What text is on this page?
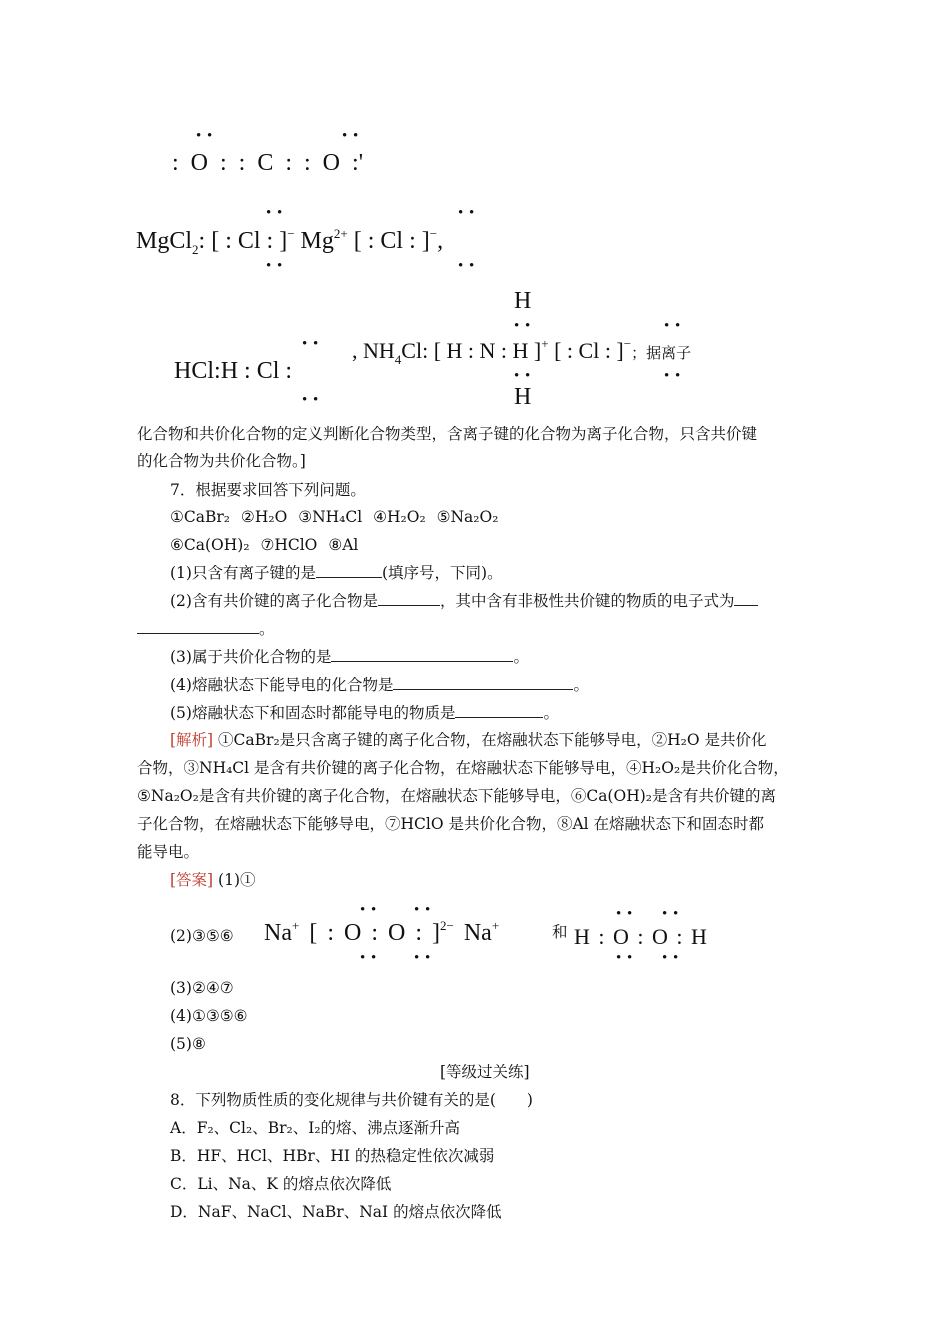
• •	• •
: O : : C : : O :'
• •	• •
MgCl$_2$: [ : Cl : ]− $Mg^{2+}$ [ : Cl : ]−,
• •	• •
H
• •
• •
• •
HCl:H : Cl :
, $NH_4Cl$: [ H : N : H ]+ [ : Cl : ]−；据离子
• •
• •	• •
H
化合物和共价化合物的定义判断化合物类型，含离子键的化合物为离子化合物，只含共价键
的化合物为共价化合物。]
7．根据要求回答下列问题。
①CaBr₂ ②H₂O ③NH₄Cl ④H₂O₂ ⑤Na₂O₂
⑥Ca(OH)₂ ⑦HClO ⑧Al
(1)只含有离子键的是	(填序号，下同)。
(2)含有共价键的离子化合物是	，其中含有非极性共价键的物质的电子式为
。
(3)属于共价化合物的是	。
(4)熔融状态下能导电的化合物是	。
(5)熔融状态下和固态时都能导电的物质是	。
[解析] ①CaBr₂是只含离子键的离子化合物，在熔融状态下能够导电，②H₂O 是共价化
合物，③NH₄Cl 是含有共价键的离子化合物，在熔融状态下能够导电，④H₂O₂是共价化合物，
⑤Na₂O₂是含有共价键的离子化合物，在熔融状态下能够导电，⑥Ca(OH)₂是含有共价键的离
子化合物，在熔融状态下能够导电，⑦HClO 是共价化合物，⑧Al 在熔融状态下和固态时都
能导电。
[答案] (1)①
• • • •	• • • •
(2)③⑤⑥ Na+ [ : O : O : ]$^{2-}$ Na+	和 H : O : O : H
• • • •	• • • •
(3)②④⑦
(4)①③⑤⑥
(5)⑧
[等级过关练]
8．下列物质性质的变化规律与共价键有关的是(　　)
A．F₂、Cl₂、Br₂、I₂的熔、沸点逐渐升高
B．HF、HCl、HBr、HI 的热稳定性依次减弱
C．Li、Na、K 的熔点依次降低
D．NaF、NaCl、NaBr、NaI 的熔点依次降低
